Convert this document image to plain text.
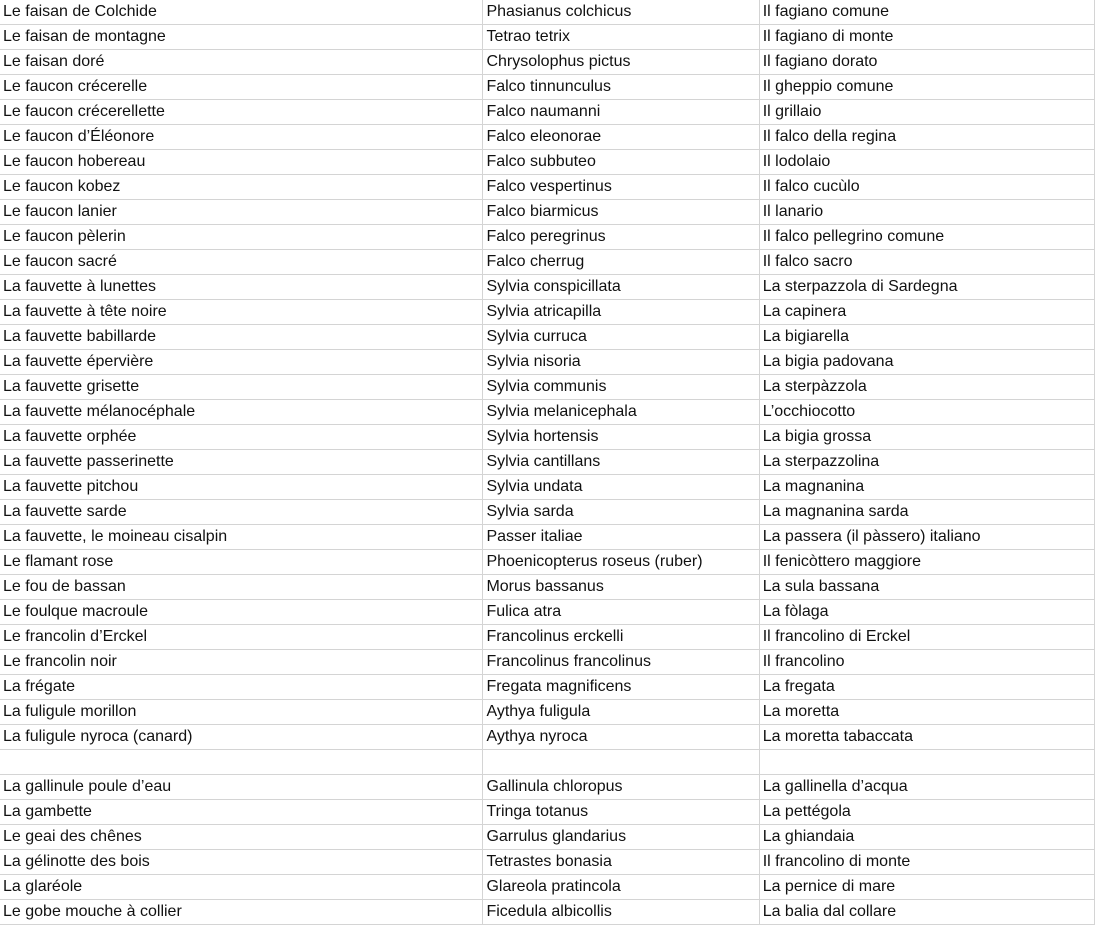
Le faisan de Colchide	Phasianus colchicus	Il fagiano comune
Le faisan de montagne	Tetrao tetrix	Il fagiano di monte
Le faisan doré	Chrysolophus pictus	Il fagiano dorato
Le faucon crécerelle	Falco tinnunculus	Il gheppio comune
Le faucon crécerellette	Falco naumanni	Il grillaio
Le faucon d’Éléonore	Falco eleonorae	Il falco della regina
Le faucon hobereau	Falco subbuteo	Il lodolaio
Le faucon kobez	Falco vespertinus	Il falco cucùlo
Le faucon lanier	Falco biarmicus	Il lanario
Le faucon pèlerin	Falco peregrinus	Il falco pellegrino comune
Le faucon sacré	Falco cherrug	Il falco sacro
La fauvette à lunettes	Sylvia conspicillata	La sterpazzola di Sardegna
La fauvette à tête noire	Sylvia atricapilla	La capinera
La fauvette babillarde	Sylvia curruca	La bigiarella
La fauvette épervière	Sylvia nisoria	La bigia padovana
La fauvette grisette	Sylvia communis	La sterpàzzola
La fauvette mélanocéphale	Sylvia melanicephala	L’occhiocotto
La fauvette orphée	Sylvia hortensis	La bigia grossa
La fauvette passerinette	Sylvia cantillans	La sterpazzolina
La fauvette pitchou	Sylvia undata	La magnanina
La fauvette sarde	Sylvia sarda	La magnanina sarda
La fauvette, le moineau cisalpin	Passer italiae	La passera (il pàssero) italiano
Le flamant rose	Phoenicopterus roseus (ruber)	Il fenicòttero maggiore
Le fou de bassan	Morus bassanus	La sula bassana
Le foulque macroule	Fulica atra	La fòlaga
Le francolin d’Erckel	Francolinus erckelli	Il francolino di Erckel
Le francolin noir	Francolinus francolinus	Il francolino
La frégate	Fregata magnificens	La fregata
La fuligule morillon	Aythya fuligula	La moretta
La fuligule nyroca (canard)	Aythya nyroca	La moretta tabaccata

La gallinule poule d’eau	Gallinula chloropus	La gallinella d’acqua
La gambette	Tringa totanus	La pettégola
Le geai des chênes	Garrulus glandarius	La ghiandaia
La gélinotte des bois	Tetrastes bonasia	Il francolino di monte
La glaréole	Glareola pratincola	La pernice di mare
Le gobe mouche à collier	Ficedula albicollis	La balia dal collare
